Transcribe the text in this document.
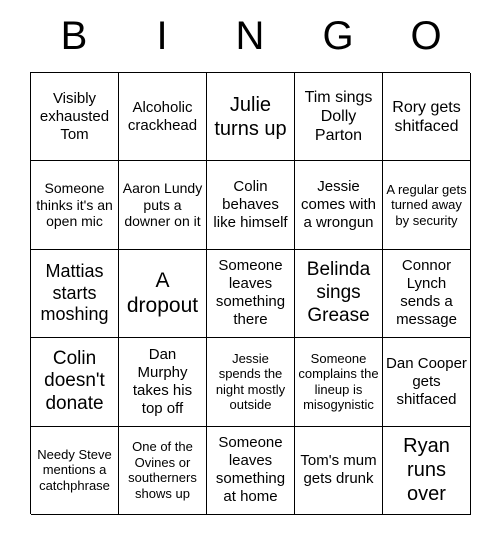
B	I	N	G	O
Visibly exhausted Tom
Alcoholic crackhead
Julie turns up
Tim sings Dolly Parton
Rory gets shitfaced
Someone thinks it's an open mic
Aaron Lundy puts a downer on it
Colin behaves like himself
Jessie comes with a wrongun
A regular gets turned away by security
Mattias starts moshing
A dropout
Someone leaves something there
Belinda sings Grease
Connor Lynch sends a message
Colin doesn't donate
Dan Murphy takes his top off
Jessie spends the night mostly outside
Someone complains the lineup is misogynistic
Dan Cooper gets shitfaced
Needy Steve mentions a catchphrase
One of the Ovines or southerners shows up
Someone leaves something at home
Tom's mum gets drunk
Ryan runs over
